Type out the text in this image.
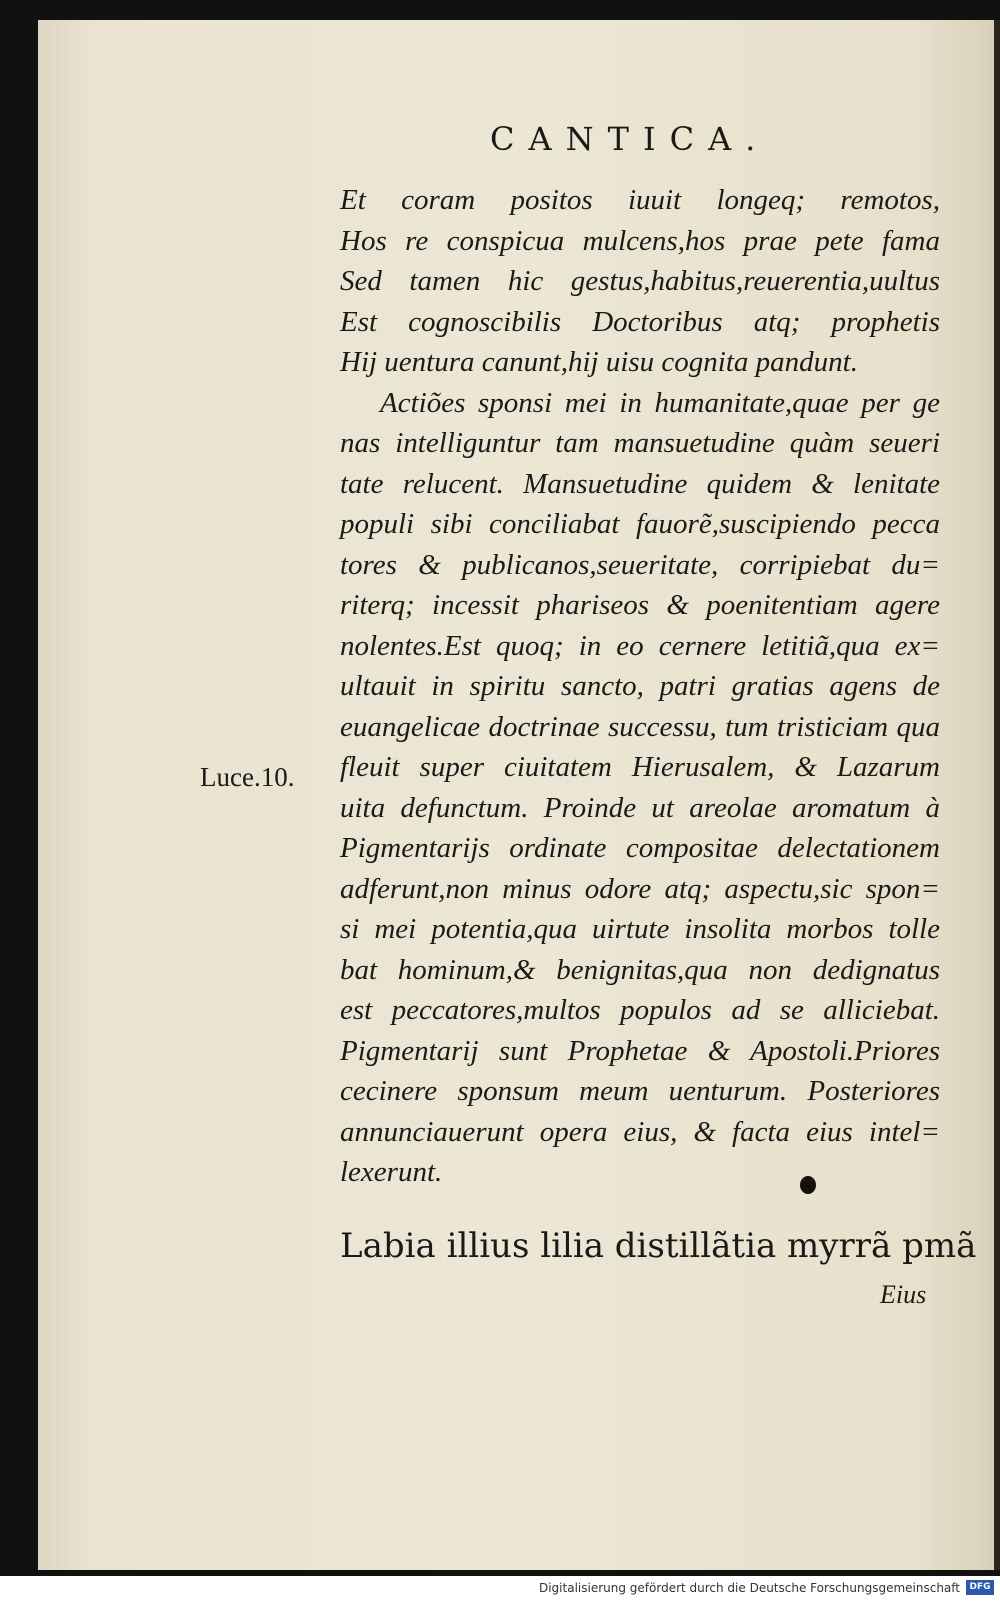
CANTICA.
Luce.10.
Et coram positos iuuit longeq; remotos,
Hos re conspicua mulcens,hos prae pete fama
Sed tamen hic gestus,habitus,reuerentia,uultus
Est cognoscibilis Doctoribus atq; prophetis
Hij uentura canunt,hij uisu cognita pandunt.
Actiões sponsi mei in humanitate,quae per ge
nas intelliguntur tam mansuetudine quàm seueri
tate relucent. Mansuetudine quidem & lenitate
populi sibi conciliabat fauorẽ,suscipiendo pecca
tores & publicanos,seueritate, corripiebat du=
riterq; incessit phariseos & poenitentiam agere
nolentes.Est quoq; in eo cernere letitiã,qua ex=
ultauit in spiritu sancto, patri gratias agens de
euangelicae doctrinae successu, tum tristiciam qua
fleuit super ciuitatem Hierusalem, & Lazarum
uita defunctum. Proinde ut areolae aromatum à
Pigmentarijs ordinate compositae delectationem
adferunt,non minus odore atq; aspectu,sic spon=
si mei potentia,qua uirtute insolita morbos tolle
bat hominum,& benignitas,qua non dedignatus
est peccatores,multos populos ad se alliciebat.
Pigmentarij sunt Prophetae & Apostoli.Priores
cecinere sponsum meum uenturum. Posteriores
annunciauerunt opera eius, & facta eius intel=
lexerunt.
Labia illius lilia distillãtia myrrã pmã
Eius
Digitalisierung gefördert durch die Deutsche Forschungsgemeinschaft	DFG
